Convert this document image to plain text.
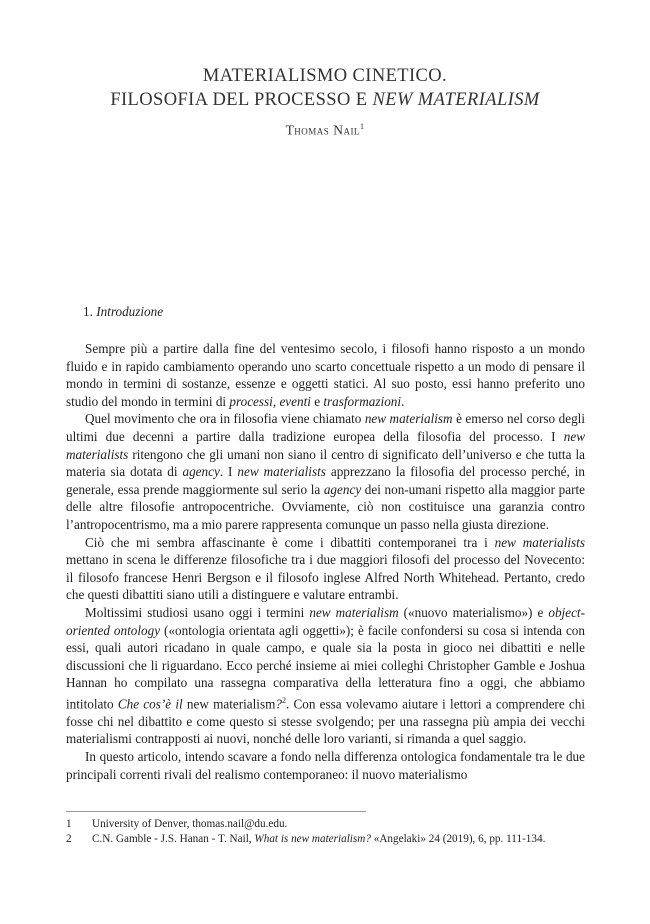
MATERIALISMO CINETICO.
FILOSOFIA DEL PROCESSO E NEW MATERIALISM
Thomas Nail$^1$
1. Introduzione

Sempre più a partire dalla fine del ventesimo secolo, i filosofi hanno risposto a un mondo fluido e in rapido cambiamento operando uno scarto concettuale rispetto a un modo di pensare il mondo in termini di sostanze, essenze e oggetti statici. Al suo posto, essi hanno preferito uno studio del mondo in termini di processi, eventi e trasformazioni.

Quel movimento che ora in filosofia viene chiamato new materialism è emerso nel corso degli ultimi due decenni a partire dalla tradizione europea della filosofia del processo. I new materialists ritengono che gli umani non siano il centro di significato dell’universo e che tutta la materia sia dotata di agency. I new materialists apprezzano la filosofia del processo perché, in generale, essa prende maggiormente sul serio la agency dei non-umani rispetto alla maggior parte delle altre filosofie antropocentriche. Ovviamente, ciò non costituisce una garanzia contro l’antropocentrismo, ma a mio parere rappresenta comunque un passo nella giusta direzione.

Ciò che mi sembra affascinante è come i dibattiti contemporanei tra i new materialists mettano in scena le differenze filosofiche tra i due maggiori filosofi del processo del Novecento: il filosofo francese Henri Bergson e il filosofo inglese Alfred North Whitehead. Pertanto, credo che questi dibattiti siano utili a distinguere e valutare entrambi.

Moltissimi studiosi usano oggi i termini new materialism («nuovo materialismo») e object-oriented ontology («ontologia orientata agli oggetti»); è facile confondersi su cosa si intenda con essi, quali autori ricadano in quale campo, e quale sia la posta in gioco nei dibattiti e nelle discussioni che li riguardano. Ecco perché insieme ai miei colleghi Christopher Gamble e Joshua Hannan ho compilato una rassegna comparativa della letteratura fino a oggi, che abbiamo intitolato Che cos’è il new materialism?$^2$. Con essa volevamo aiutare i lettori a comprendere chi fosse chi nel dibattito e come questo si stesse svolgendo; per una rassegna più ampia dei vecchi materialismi contrapposti ai nuovi, nonché delle loro varianti, si rimanda a quel saggio.

In questo articolo, intendo scavare a fondo nella differenza ontologica fondamentale tra le due principali correnti rivali del realismo contemporaneo: il nuovo materialismo

1	University of Denver, thomas.nail@du.edu.
2	C.N. Gamble - J.S. Hanan - T. Nail, What is new materialism? «Angelaki» 24 (2019), 6, pp. 111-134.
